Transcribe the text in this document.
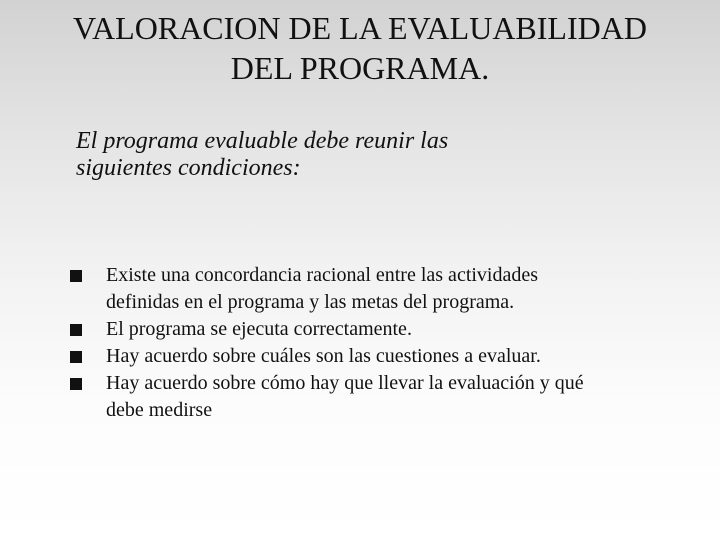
VALORACION DE LA EVALUABILIDAD
DEL PROGRAMA.

El programa evaluable debe reunir las
siguientes condiciones:

Existe una concordancia racional entre las actividades
definidas en el programa y las metas del programa.
El programa se ejecuta correctamente.
Hay acuerdo sobre cuáles son las cuestiones a evaluar.
Hay acuerdo sobre cómo hay que llevar la evaluación y qué
debe medirse
